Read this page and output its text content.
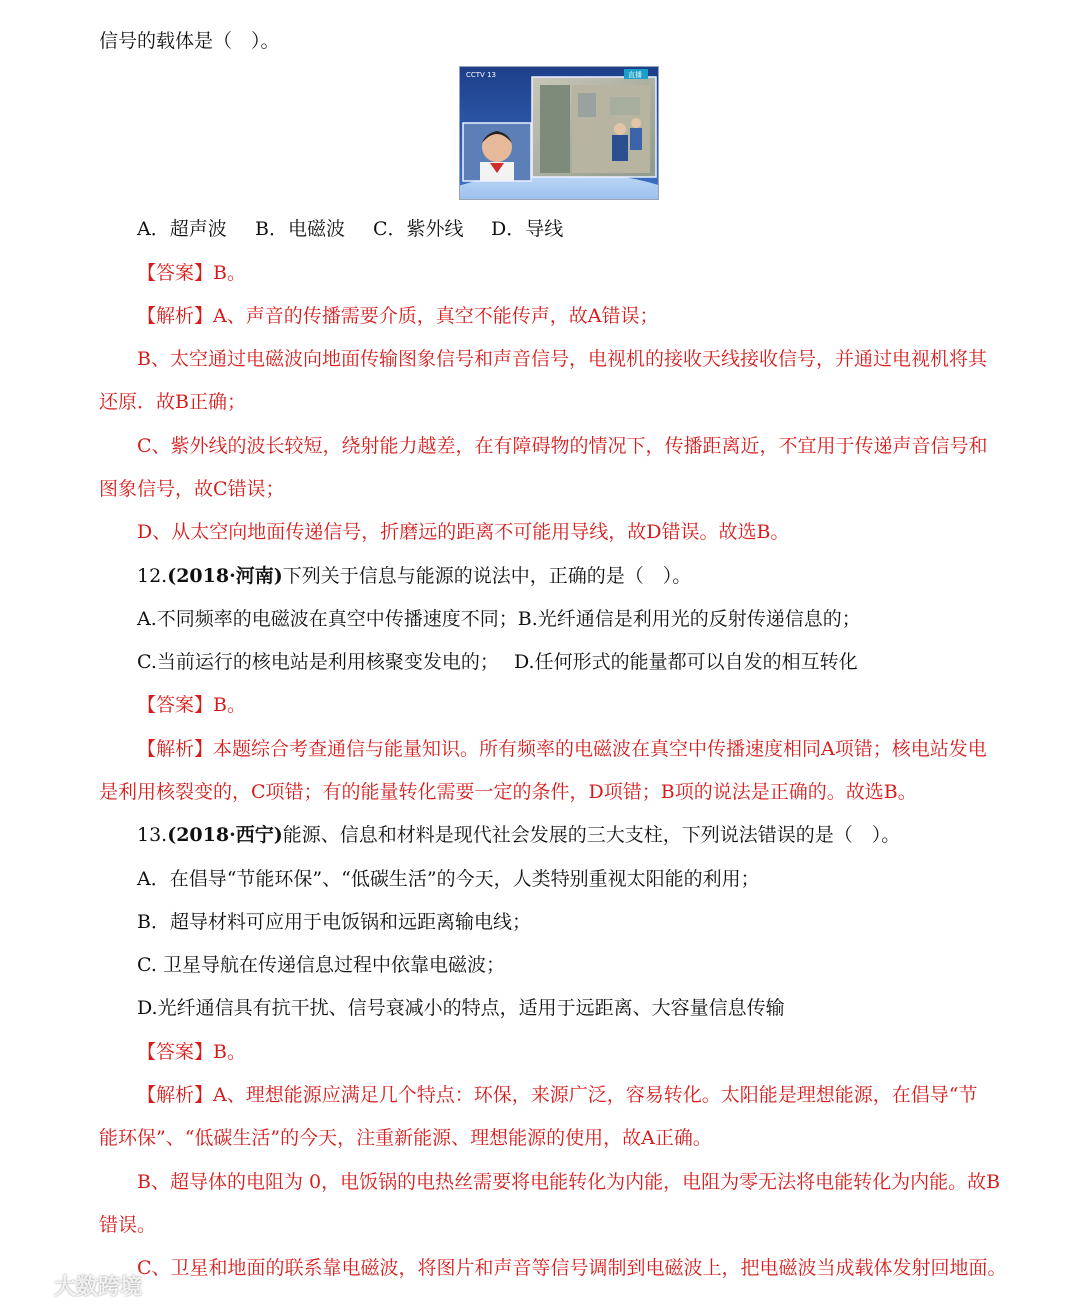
信号的载体是（　）。
CCTV 13	直播
A．超声波 B．电磁波 C．紫外线 D．导线
【答案】B。
【解析】A、声音的传播需要介质，真空不能传声，故A错误；
B、太空通过电磁波向地面传输图象信号和声音信号，电视机的接收天线接收信号，并通过电视机将其
还原．故B正确；
C、紫外线的波长较短，绕射能力越差，在有障碍物的情况下，传播距离近，不宜用于传递声音信号和
图象信号，故C错误；
D、从太空向地面传递信号，折磨远的距离不可能用导线，故D错误。故选B。
12.(2018·河南)下列关于信息与能源的说法中，正确的是（　）。
A.不同频率的电磁波在真空中传播速度不同；B.光纤通信是利用光的反射传递信息的；
C.当前运行的核电站是利用核聚变发电的； D.任何形式的能量都可以自发的相互转化
【答案】B。
【解析】本题综合考查通信与能量知识。所有频率的电磁波在真空中传播速度相同A项错；核电站发电
是利用核裂变的，C项错；有的能量转化需要一定的条件，D项错；B项的说法是正确的。故选B。
13.(2018·西宁)能源、信息和材料是现代社会发展的三大支柱，下列说法错误的是（　）。
A．在倡导“节能环保”、“低碳生活”的今天，人类特别重视太阳能的利用；
B．超导材料可应用于电饭锅和远距离输电线；
C. 卫星导航在传递信息过程中依靠电磁波；
D.光纤通信具有抗干扰、信号衰减小的特点，适用于远距离、大容量信息传输
【答案】B。
【解析】A、理想能源应满足几个特点：环保，来源广泛，容易转化。太阳能是理想能源，在倡导“节
能环保”、“低碳生活”的今天，注重新能源、理想能源的使用，故A正确。
B、超导体的电阻为 0，电饭锅的电热丝需要将电能转化为内能，电阻为零无法将电能转化为内能。故B
错误。
C、卫星和地面的联系靠电磁波，将图片和声音等信号调制到电磁波上，把电磁波当成载体发射回地面。
大数跨境
